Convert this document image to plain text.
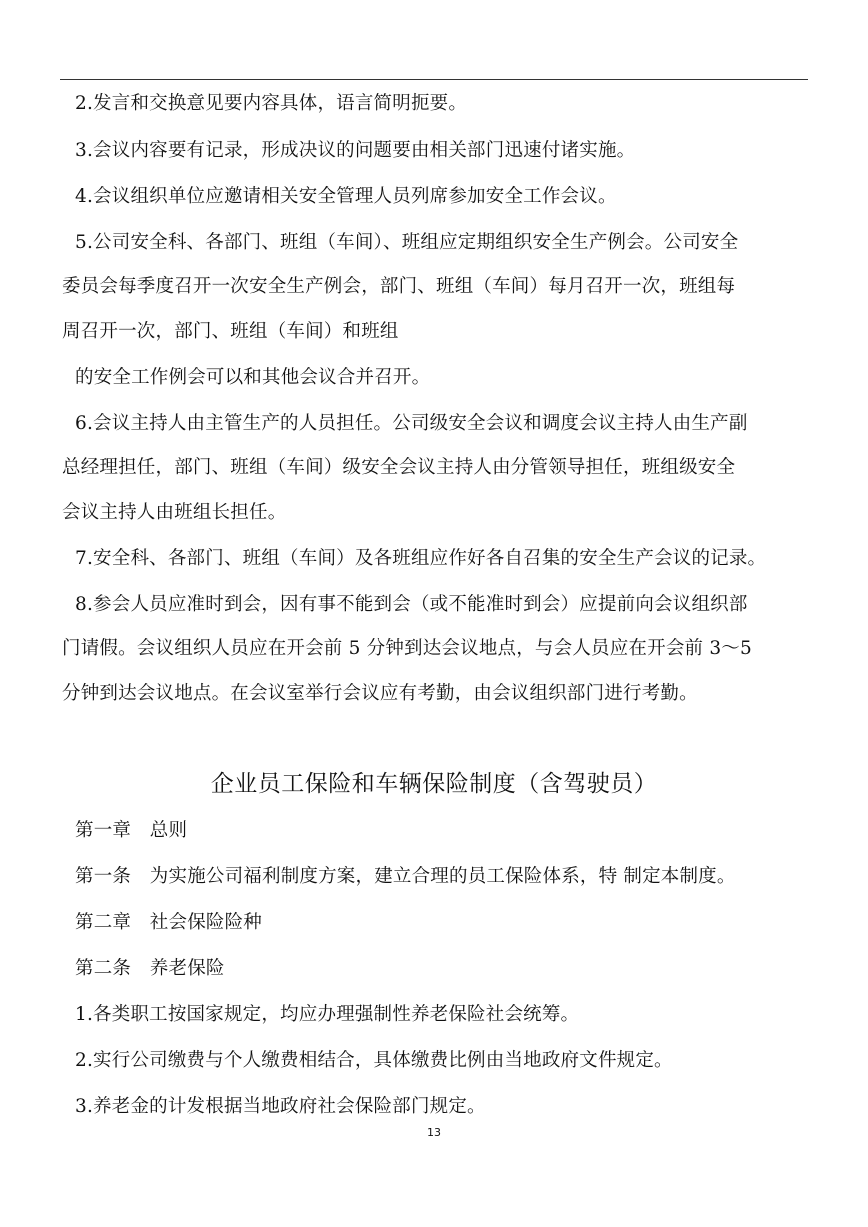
2.发言和交换意见要内容具体，语言简明扼要。
3.会议内容要有记录，形成决议的问题要由相关部门迅速付诸实施。
4.会议组织单位应邀请相关安全管理人员列席参加安全工作会议。
5.公司安全科、各部门、班组（车间）、班组应定期组织安全生产例会。公司安全
委员会每季度召开一次安全生产例会，部门、班组（车间）每月召开一次，班组每
周召开一次，部门、班组（车间）和班组
的安全工作例会可以和其他会议合并召开。
6.会议主持人由主管生产的人员担任。公司级安全会议和调度会议主持人由生产副
总经理担任，部门、班组（车间）级安全会议主持人由分管领导担任，班组级安全
会议主持人由班组长担任。
7.安全科、各部门、班组（车间）及各班组应作好各自召集的安全生产会议的记录。
8.参会人员应准时到会，因有事不能到会（或不能准时到会）应提前向会议组织部
门请假。会议组织人员应在开会前 5 分钟到达会议地点，与会人员应在开会前 3～5
分钟到达会议地点。在会议室举行会议应有考勤，由会议组织部门进行考勤。
企业员工保险和车辆保险制度（含驾驶员）
第一章　总则
第一条　为实施公司福利制度方案，建立合理的员工保险体系，特 制定本制度。
第二章　社会保险险种
第二条　养老保险
1.各类职工按国家规定，均应办理强制性养老保险社会统筹。
2.实行公司缴费与个人缴费相结合，具体缴费比例由当地政府文件规定。
3.养老金的计发根据当地政府社会保险部门规定。
13
